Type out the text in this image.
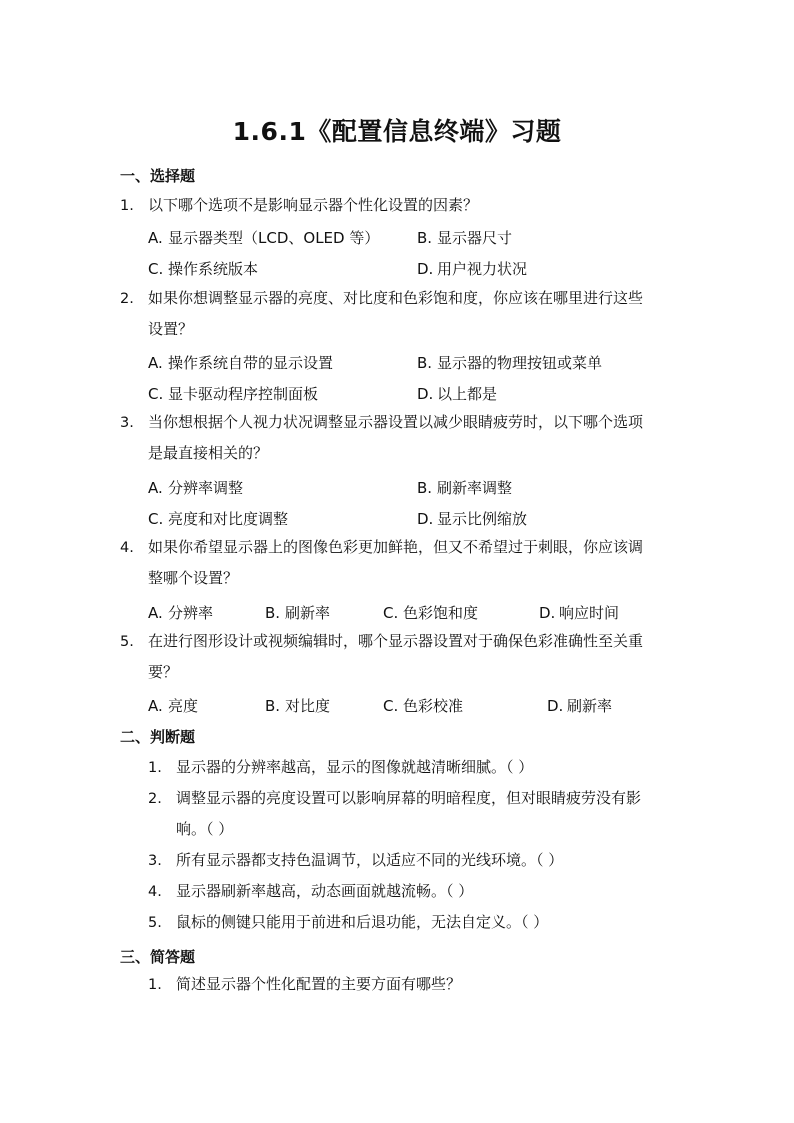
1.6.1《配置信息终端》习题
一、选择题
1. 以下哪个选项不是影响显示器个性化设置的因素？
A. 显示器类型（LCD、OLED 等）	B. 显示器尺寸
C. 操作系统版本	D. 用户视力状况
2. 如果你想调整显示器的亮度、对比度和色彩饱和度，你应该在哪里进行这些
设置？
A. 操作系统自带的显示设置	B. 显示器的物理按钮或菜单
C. 显卡驱动程序控制面板	D. 以上都是
3. 当你想根据个人视力状况调整显示器设置以减少眼睛疲劳时，以下哪个选项
是最直接相关的？
A. 分辨率调整	B. 刷新率调整
C. 亮度和对比度调整	D. 显示比例缩放
4. 如果你希望显示器上的图像色彩更加鲜艳，但又不希望过于刺眼，你应该调
整哪个设置？
A. 分辨率	B. 刷新率	C. 色彩饱和度	D. 响应时间
5. 在进行图形设计或视频编辑时，哪个显示器设置对于确保色彩准确性至关重
要？
A. 亮度	B. 对比度	C. 色彩校准	D. 刷新率
二、判断题
1. 显示器的分辨率越高，显示的图像就越清晰细腻。（ ）
2. 调整显示器的亮度设置可以影响屏幕的明暗程度，但对眼睛疲劳没有影
响。（ ）
3. 所有显示器都支持色温调节，以适应不同的光线环境。（ ）
4. 显示器刷新率越高，动态画面就越流畅。（ ）
5. 鼠标的侧键只能用于前进和后退功能，无法自定义。（ ）
三、简答题
1. 简述显示器个性化配置的主要方面有哪些？
